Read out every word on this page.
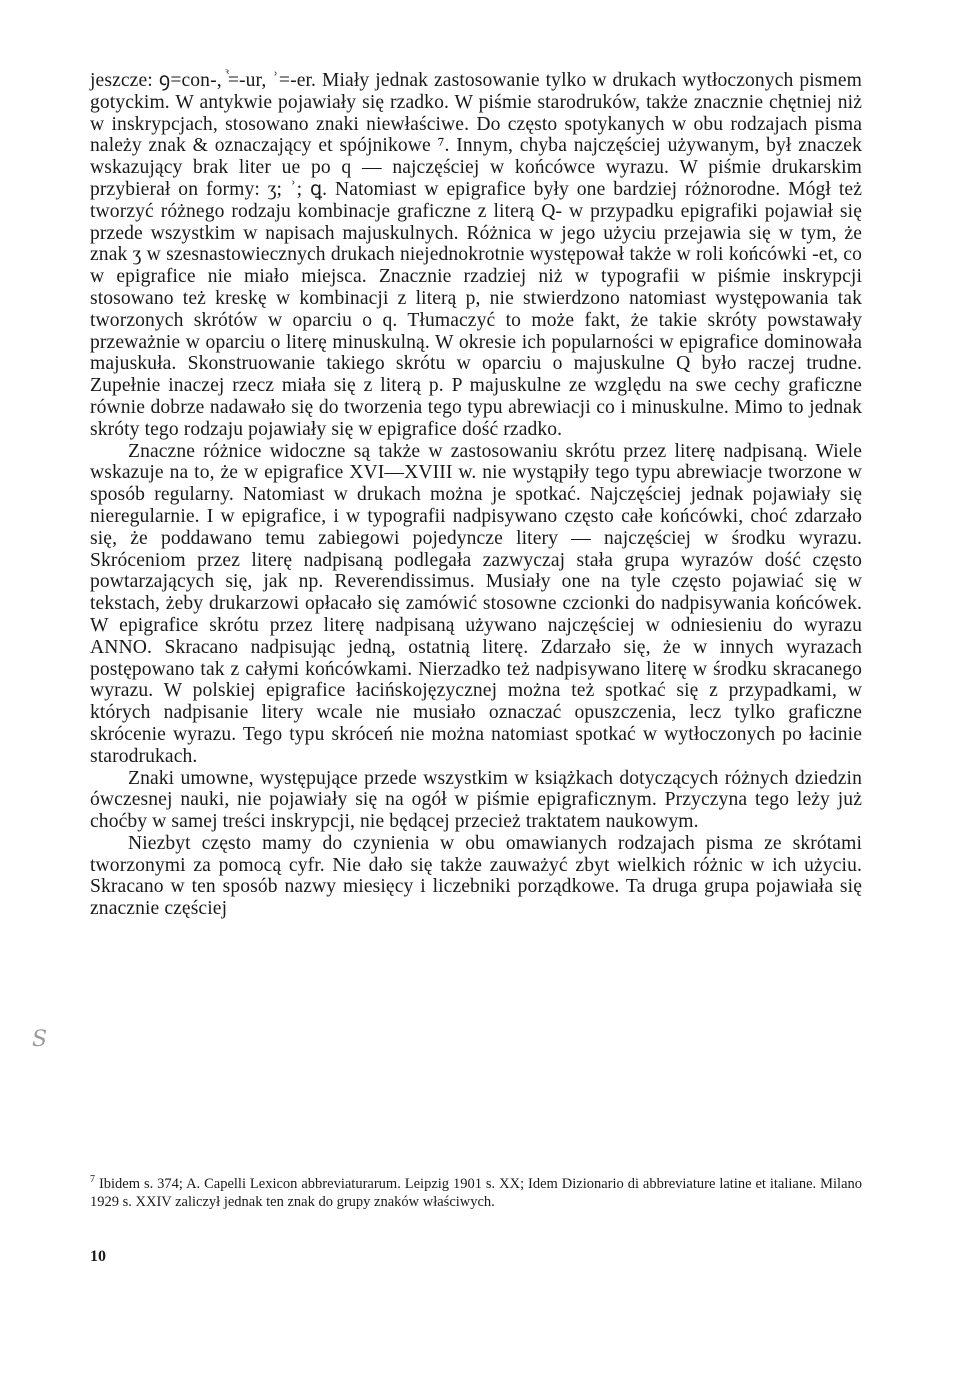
jeszcze: ꝯ=con-, ᷣ=-ur, ʾ=-er. Miały jednak zastosowanie tylko w drukach wytłoczonych pismem gotyckim. W antykwie pojawiały się rzadko. W piśmie starodruków, także znacznie chętniej niż w inskrypcjach, stosowano znaki niewłaściwe. Do często spotykanych w obu rodzajach pisma należy znak & oznaczający et spójnikowe ⁷. Innym, chyba najczęściej używanym, był znaczek wskazujący brak liter ue po q — najczęściej w końcówce wyrazu. W piśmie drukarskim przybierał on formy: ʒ; ʾ; ꝗ. Natomiast w epigrafice były one bardziej różnorodne. Mógł też tworzyć różnego rodzaju kombinacje graficzne z literą Q- w przypadku epigrafiki pojawiał się przede wszystkim w napisach majuskulnych. Różnica w jego użyciu przejawia się w tym, że znak ʒ w szesnastowiecznych drukach niejednokrotnie występował także w roli końcówki -et, co w epigrafice nie miało miejsca. Znacznie rzadziej niż w typografii w piśmie inskrypcji stosowano też kreskę w kombinacji z literą p, nie stwierdzono natomiast występowania tak tworzonych skrótów w oparciu o q. Tłumaczyć to może fakt, że takie skróty powstawały przeważnie w oparciu o literę minuskulną. W okresie ich popularności w epigrafice dominowała majuskuła. Skonstruowanie takiego skrótu w oparciu o majuskulne Q było raczej trudne. Zupełnie inaczej rzecz miała się z literą p. P majuskulne ze względu na swe cechy graficzne równie dobrze nadawało się do tworzenia tego typu abrewiacji co i minuskulne. Mimo to jednak skróty tego rodzaju pojawiały się w epigrafice dość rzadko.

Znaczne różnice widoczne są także w zastosowaniu skrótu przez literę nadpisaną. Wiele wskazuje na to, że w epigrafice XVI—XVIII w. nie wystąpiły tego typu abrewiacje tworzone w sposób regularny. Natomiast w drukach można je spotkać. Najczęściej jednak pojawiały się nieregularnie. I w epigrafice, i w typografii nadpisywano często całe końcówki, choć zdarzało się, że poddawano temu zabiegowi pojedyncze litery — najczęściej w środku wyrazu. Skróceniom przez literę nadpisaną podlegała zazwyczaj stała grupa wyrazów dość często powtarzających się, jak np. Reverendissimus. Musiały one na tyle często pojawiać się w tekstach, żeby drukarzowi opłacało się zamówić stosowne czcionki do nadpisywania końcówek. W epigrafice skrótu przez literę nadpisaną używano najczęściej w odniesieniu do wyrazu ANNO. Skracano nadpisując jedną, ostatnią literę. Zdarzało się, że w innych wyrazach postępowano tak z całymi końcówkami. Nierzadko też nadpisywano literę w środku skracanego wyrazu. W polskiej epigrafice łacińskojęzycznej można też spotkać się z przypadkami, w których nadpisanie litery wcale nie musiało oznaczać opuszczenia, lecz tylko graficzne skrócenie wyrazu. Tego typu skróceń nie można natomiast spotkać w wytłoczonych po łacinie starodrukach.

Znaki umowne, występujące przede wszystkim w książkach dotyczących różnych dziedzin ówczesnej nauki, nie pojawiały się na ogół w piśmie epigraficznym. Przyczyna tego leży już choćby w samej treści inskrypcji, nie będącej przecież traktatem naukowym.

Niezbyt często mamy do czynienia w obu omawianych rodzajach pisma ze skrótami tworzonymi za pomocą cyfr. Nie dało się także zauważyć zbyt wielkich różnic w ich użyciu. Skracano w ten sposób nazwy miesięcy i liczebniki porządkowe. Ta druga grupa pojawiała się znacznie częściej

$^7$ Ibidem s. 374; A. Capelli Lexicon abbreviaturarum. Leipzig 1901 s. XX; Idem Dizionario di abbreviature latine et italiane. Milano 1929 s. XXIV zaliczył jednak ten znak do grupy znaków właściwych.
S
10
